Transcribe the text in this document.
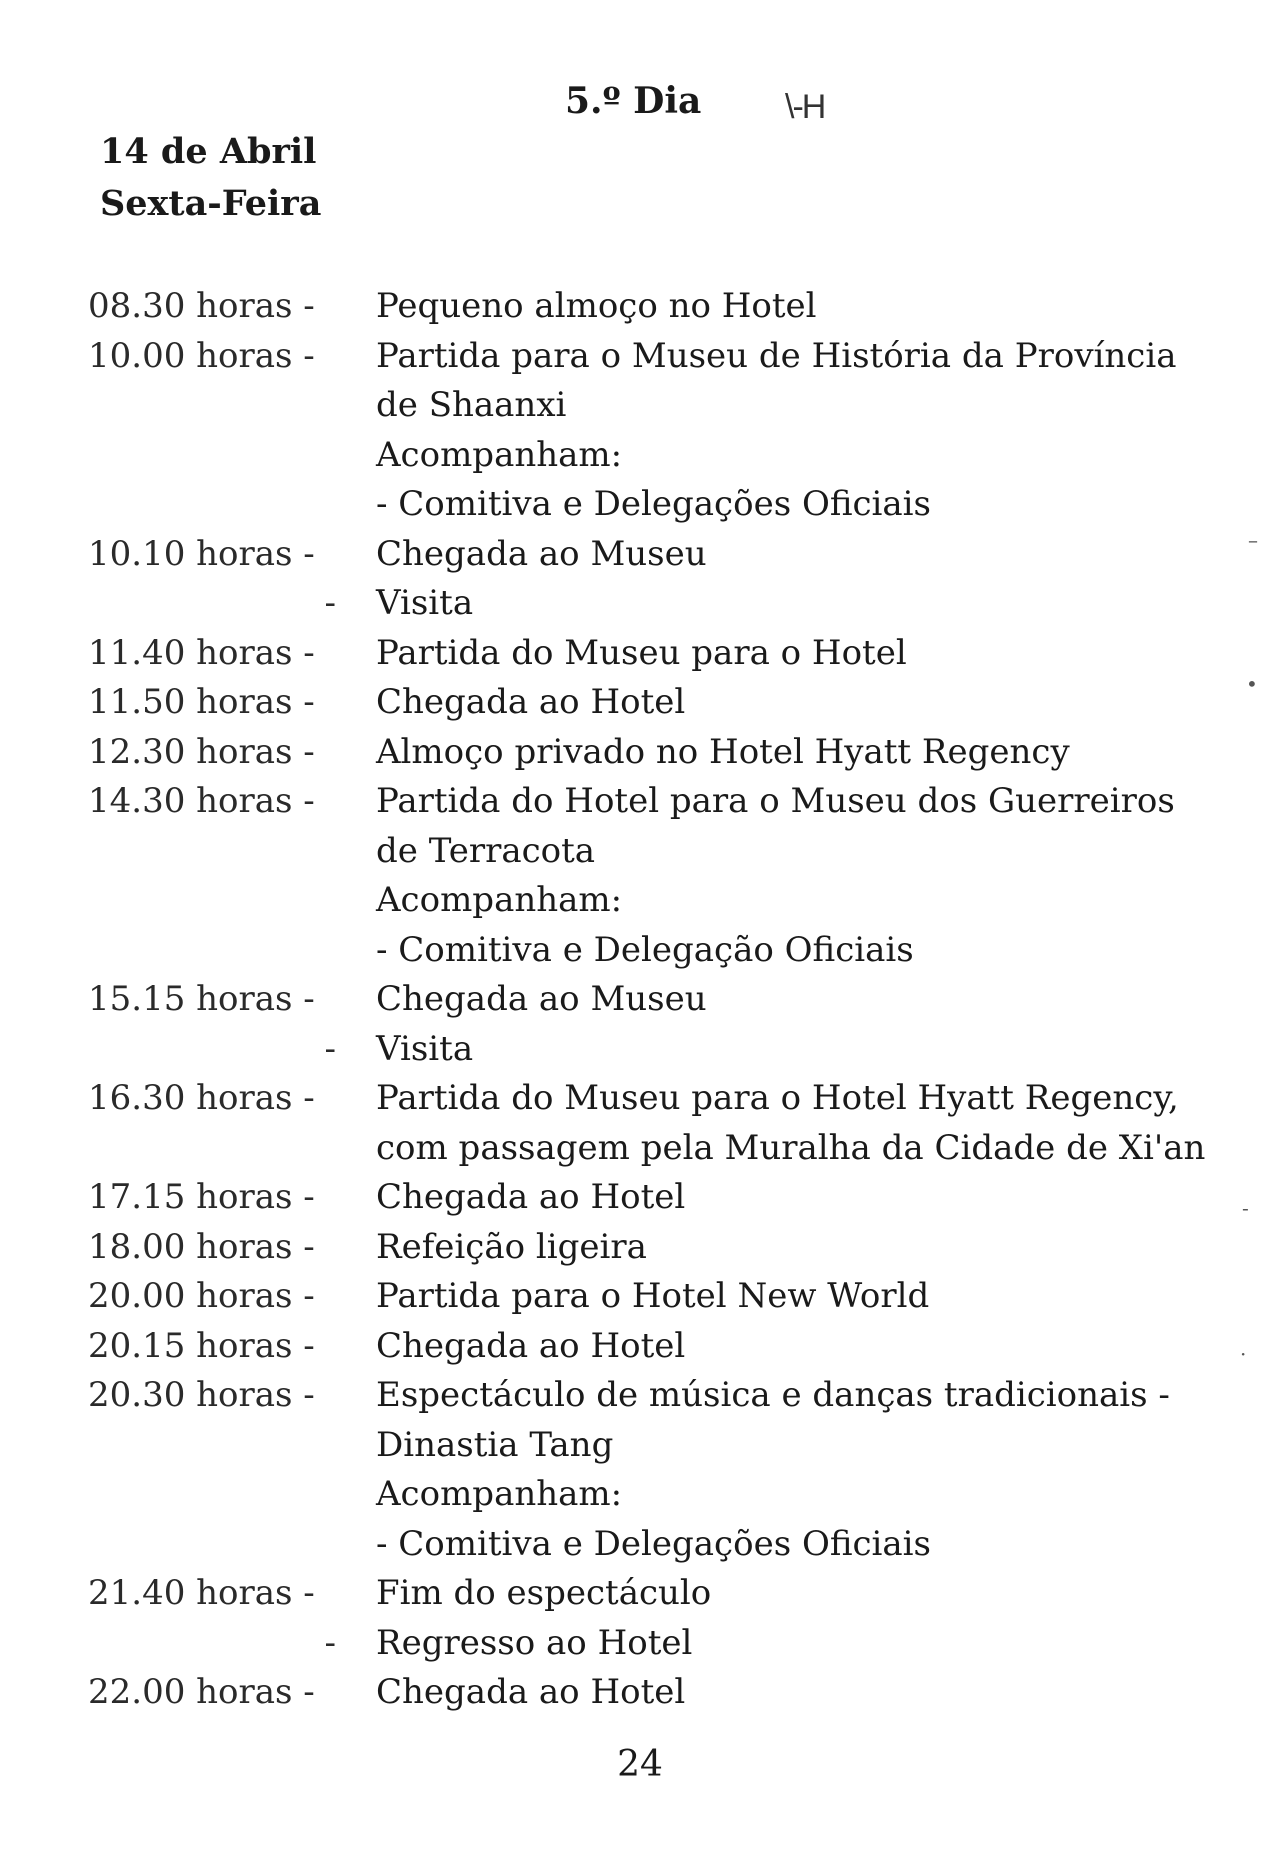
5.º Dia \-H
14 de Abril
Sexta-Feira
08.30 horas -	Pequeno almoço no Hotel
10.00 horas -	Partida para o Museu de História da Província
de Shaanxi
Acompanham:
- Comitiva e Delegações Oficiais
10.10 horas -	Chegada ao Museu
- Visita
11.40 horas -	Partida do Museu para o Hotel
11.50 horas -	Chegada ao Hotel
12.30 horas -	Almoço privado no Hotel Hyatt Regency
14.30 horas -	Partida do Hotel para o Museu dos Guerreiros
de Terracota
Acompanham:
- Comitiva e Delegação Oficiais
15.15 horas -	Chegada ao Museu
- Visita
16.30 horas -	Partida do Museu para o Hotel Hyatt Regency,
com passagem pela Muralha da Cidade de Xi'an
17.15 horas -	Chegada ao Hotel
18.00 horas -	Refeição ligeira
20.00 horas -	Partida para o Hotel New World
20.15 horas -	Chegada ao Hotel
20.30 horas -	Espectáculo de música e danças tradicionais -
Dinastia Tang
Acompanham:
- Comitiva e Delegações Oficiais
21.40 horas -	Fim do espectáculo
- Regresso ao Hotel
22.00 horas -	Chegada ao Hotel
24
–
•
-
·
